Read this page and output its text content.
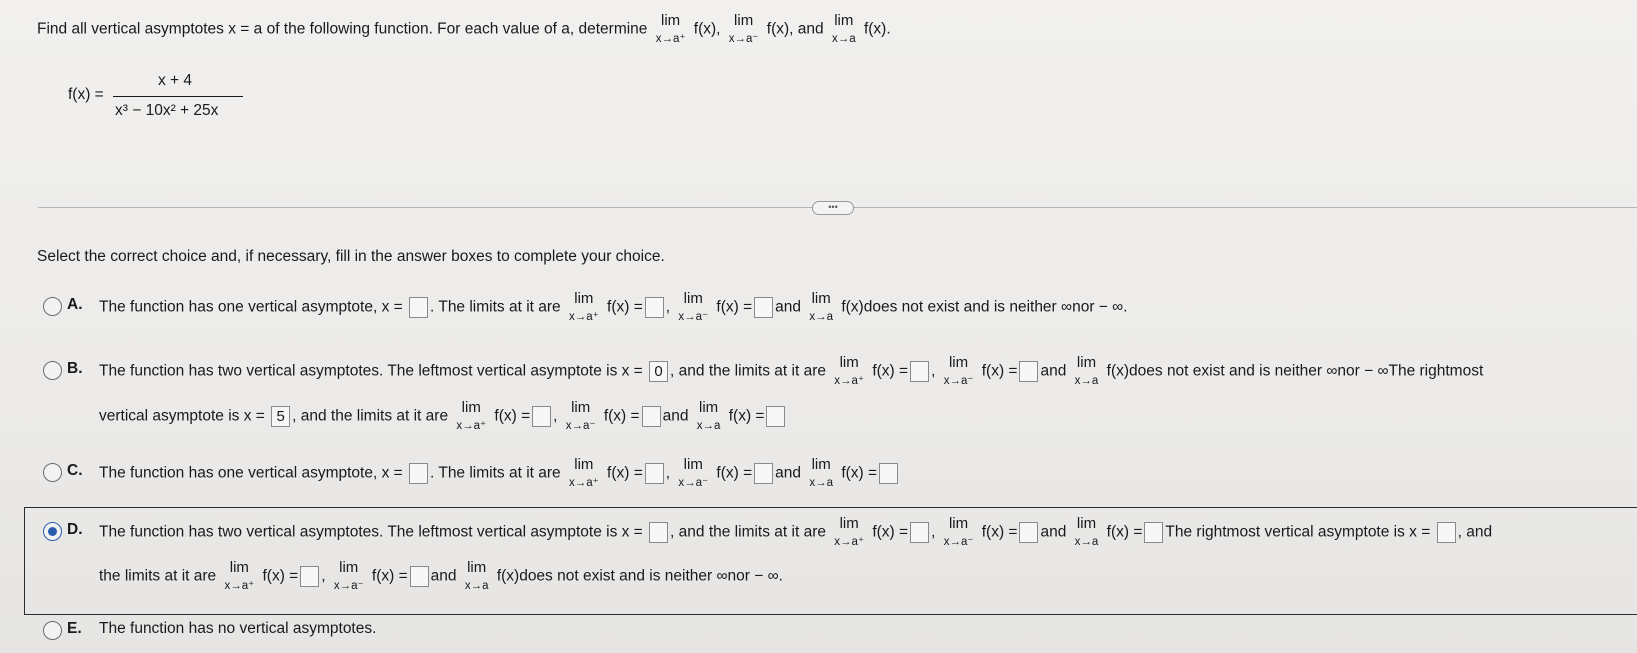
Find all vertical asymptotes x = a of the following function. For each value of a, determine
lim
x→a⁺
f(x),
lim
x→a⁻
f(x), and
lim
x→a
f(x).
f(x) =
x + 4
x³ − 10x² + 25x
•••
Select the correct choice and, if necessary, fill in the answer boxes to complete your choice.
A. The function has one vertical asymptote, x = . The limits at it are
lim
x→a⁺
f(x) = ,
lim
x→a⁻
f(x) = and
lim
x→a
f(x)does not exist and is neither ∞nor − ∞.
B. The function has two vertical asymptotes. The leftmost vertical asymptote is x = 0 , and the limits at it are
lim
x→a⁺
f(x) = ,
lim
x→a⁻
f(x) = and
lim
x→a
f(x)does not exist and is neither ∞nor − ∞The rightmost
vertical asymptote is x = 5 , and the limits at it are
lim
x→a⁺
f(x) = ,
lim
x→a⁻
f(x) = and
lim
x→a
f(x) =
C. The function has one vertical asymptote, x = . The limits at it are
lim
x→a⁺
f(x) = ,
lim
x→a⁻
f(x) = and
lim
x→a
f(x) =
D. The function has two vertical asymptotes. The leftmost vertical asymptote is x = , and the limits at it are
lim
x→a⁺
f(x) = ,
lim
x→a⁻
f(x) = and
lim
x→a
f(x) = The rightmost vertical asymptote is x = , and
the limits at it are
lim
x→a⁺
f(x) = ,
lim
x→a⁻
f(x) = and
lim
x→a
f(x)does not exist and is neither ∞nor − ∞.
E. The function has no vertical asymptotes.
